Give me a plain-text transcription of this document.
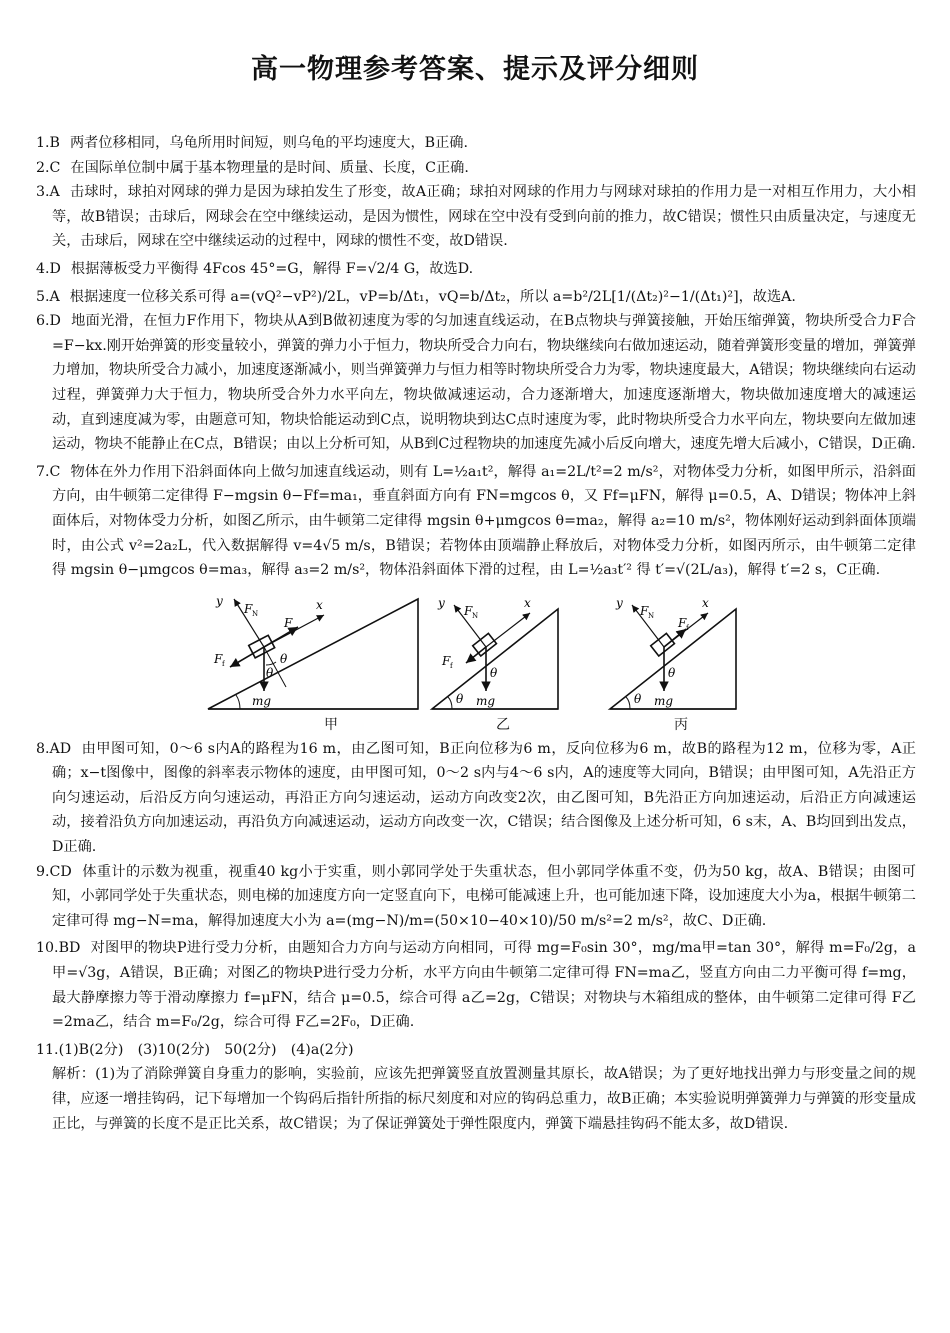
高一物理参考答案、提示及评分细则
1.B 两者位移相同，乌龟所用时间短，则乌龟的平均速度大，B正确.
2.C 在国际单位制中属于基本物理量的是时间、质量、长度，C正确.
3.A 击球时，球拍对网球的弹力是因为球拍发生了形变，故A正确；球拍对网球的作用力与网球对球拍的作用力是一对相互作用力，大小相等，故B错误；击球后，网球会在空中继续运动，是因为惯性，网球在空中没有受到向前的推力，故C错误；惯性只由质量决定，与速度无关，击球后，网球在空中继续运动的过程中，网球的惯性不变，故D错误.
4.D 根据薄板受力平衡得 4Fcos 45°=G，解得 F=√2/4 G，故选D.
5.A 根据速度一位移关系可得 a=(vQ²−vP²)/2L，vP=b/Δt₁，vQ=b/Δt₂，所以 a=b²/2L[1/(Δt₂)²−1/(Δt₁)²]，故选A.
6.D 地面光滑，在恒力F作用下，物块从A到B做初速度为零的匀加速直线运动，在B点物块与弹簧接触，开始压缩弹簧，物块所受合力F合=F−kx.刚开始弹簧的形变量较小，弹簧的弹力小于恒力，物块所受合力向右，物块继续向右做加速运动，随着弹簧形变量的增加，弹簧弹力增加，物块所受合力减小，加速度逐渐减小，则当弹簧弹力与恒力相等时物块所受合力为零，物块速度最大，A错误；物块继续向右运动过程，弹簧弹力大于恒力，物块所受合外力水平向左，物块做减速运动，合力逐渐增大，加速度逐渐增大，物块做加速度增大的减速运动，直到速度减为零，由题意可知，物块恰能运动到C点，说明物块到达C点时速度为零，此时物块所受合力水平向左，物块要向左做加速运动，物块不能静止在C点，B错误；由以上分析可知，从B到C过程物块的加速度先减小后反向增大，速度先增大后减小，C错误，D正确.
7.C 物体在外力作用下沿斜面体向上做匀加速直线运动，则有 L=½a₁t²，解得 a₁=2L/t²=2 m/s²，对物体受力分析，如图甲所示，沿斜面方向，由牛顿第二定律得 F−mgsin θ−Ff=ma₁，垂直斜面方向有 FN=mgcos θ，又 Ff=μFN，解得 μ=0.5，A、D错误；物体冲上斜面体后，对物体受力分析，如图乙所示，由牛顿第二定律得 mgsin θ+μmgcos θ=ma₂，解得 a₂=10 m/s²，物体刚好运动到斜面体顶端时，由公式 v²=2a₂L，代入数据解得 v=4√5 m/s，B错误；若物体由顶端静止释放后，对物体受力分析，如图丙所示，由牛顿第二定律得 mgsin θ−μmgcos θ=ma₃，解得 a₃=2 m/s²，物体沿斜面体下滑的过程，由 L=½a₃t′² 得 t′=√(2L/a₃)，解得 t′=2 s，C正确.
y	x
F N
F
F f	θ
θ
mg
甲
y	x
F N
F f	θ
θ mg
乙
y	x
F N F f
θ
θ mg
丙
8.AD 由甲图可知，0～6 s内A的路程为16 m，由乙图可知，B正向位移为6 m，反向位移为6 m，故B的路程为12 m，位移为零，A正确；x−t图像中，图像的斜率表示物体的速度，由甲图可知，0～2 s内与4～6 s内，A的速度等大同向，B错误；由甲图可知，A先沿正方向匀速运动，后沿反方向匀速运动，再沿正方向匀速运动，运动方向改变2次，由乙图可知，B先沿正方向加速运动，后沿正方向减速运动，接着沿负方向加速运动，再沿负方向减速运动，运动方向改变一次，C错误；结合图像及上述分析可知，6 s末，A、B均回到出发点，D正确.
9.CD 体重计的示数为视重，视重40 kg小于实重，则小郭同学处于失重状态，但小郭同学体重不变，仍为50 kg，故A、B错误；由图可知，小郭同学处于失重状态，则电梯的加速度方向一定竖直向下，电梯可能减速上升，也可能加速下降，设加速度大小为a，根据牛顿第二定律可得 mg−N=ma，解得加速度大小为 a=(mg−N)/m=(50×10−40×10)/50 m/s²=2 m/s²，故C、D正确.
10.BD 对图甲的物块P进行受力分析，由题知合力方向与运动方向相同，可得 mg=F₀sin 30°，mg/ma甲=tan 30°，解得 m=F₀/2g，a甲=√3g，A错误，B正确；对图乙的物块P进行受力分析，水平方向由牛顿第二定律可得 FN=ma乙，竖直方向由二力平衡可得 f=mg，最大静摩擦力等于滑动摩擦力 f=μFN，结合 μ=0.5，综合可得 a乙=2g，C错误；对物块与木箱组成的整体，由牛顿第二定律可得 F乙=2ma乙，结合 m=F₀/2g，综合可得 F乙=2F₀，D正确.
11.(1)B(2分)　(3)10(2分)　50(2分)　(4)a(2分)
解析：(1)为了消除弹簧自身重力的影响，实验前，应该先把弹簧竖直放置测量其原长，故A错误；为了更好地找出弹力与形变量之间的规律，应逐一增挂钩码，记下每增加一个钩码后指针所指的标尺刻度和对应的钩码总重力，故B正确；本实验说明弹簧弹力与弹簧的形变量成正比，与弹簧的长度不是正比关系，故C错误；为了保证弹簧处于弹性限度内，弹簧下端悬挂钩码不能太多，故D错误.
